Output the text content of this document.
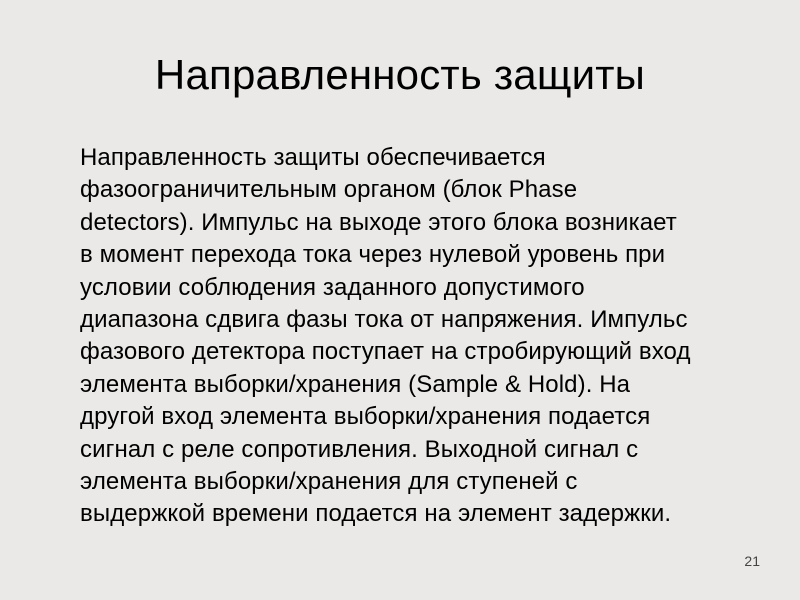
Направленность защиты
Направленность защиты обеспечивается
фазоограничительным органом (блок Phase
detectors). Импульс на выходе этого блока возникает
в момент перехода тока через нулевой уровень при
условии соблюдения заданного допустимого
диапазона сдвига фазы тока от напряжения. Импульс
фазового детектора поступает на стробирующий вход
элемента выборки/хранения (Sample & Hold). На
другой вход элемента выборки/хранения подается
сигнал с реле сопротивления. Выходной сигнал с
элемента выборки/хранения для ступеней с
выдержкой времени подается на элемент задержки.
21
